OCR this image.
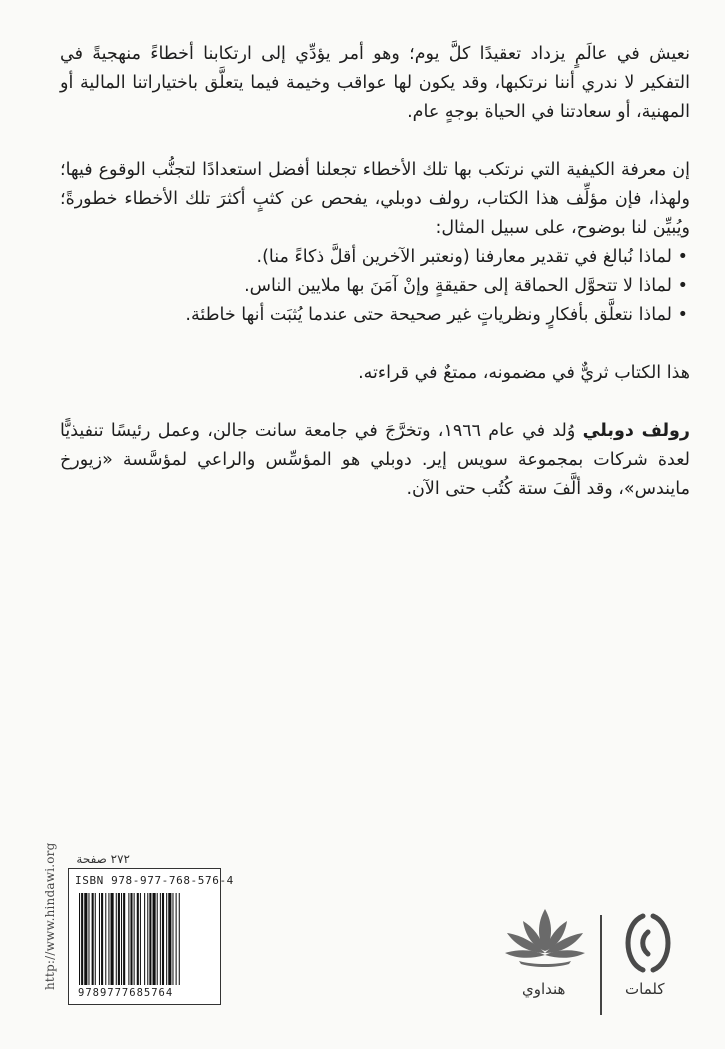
نعيش في عالَمٍ يزداد تعقيدًا كلَّ يوم؛ وهو أمر يؤدِّي إلى ارتكابنا أخطاءً منهجيةً في التفكير لا ندري أننا نرتكبها، وقد يكون لها عواقب وخيمة فيما يتعلَّق باختياراتنا المالية أو المهنية، أو سعادتنا في الحياة بوجهٍ عام.

إن معرفة الكيفية التي نرتكب بها تلك الأخطاء تجعلنا أفضل استعدادًا لتجنُّب الوقوع فيها؛ ولهذا، فإن مؤلِّف هذا الكتاب، رولف دوبلي، يفحص عن كثبٍ أكثرَ تلك الأخطاء خطورةً؛ ويُبيِّن لنا بوضوح، على سبيل المثال:

• لماذا نُبالغ في تقدير معارفنا (ونعتبر الآخرين أقلَّ ذكاءً منا).
• لماذا لا تتحوَّل الحماقة إلى حقيقةٍ وإنْ آمَنَ بها ملايين الناس.
• لماذا نتعلَّق بأفكارٍ ونظرياتٍ غير صحيحة حتى عندما يُثبَت أنها خاطئة.

هذا الكتاب ثريٌّ في مضمونه، ممتعٌ في قراءته.

رولف دوبلي وُلد في عام ١٩٦٦، وتخرَّجَ في جامعة سانت جالن، وعمل رئيسًا تنفيذيًّا لعدة شركات بمجموعة سويس إير. دوبلي هو المؤسِّس والراعي لمؤسَّسة «زيورخ مايندس»، وقد ألَّفَ ستة كُتُب حتى الآن.

http://www.hindawi.org	٢٧٢ صفحة
ISBN 978-977-768-576-4
9789777685764	هنداوي	كلمات
